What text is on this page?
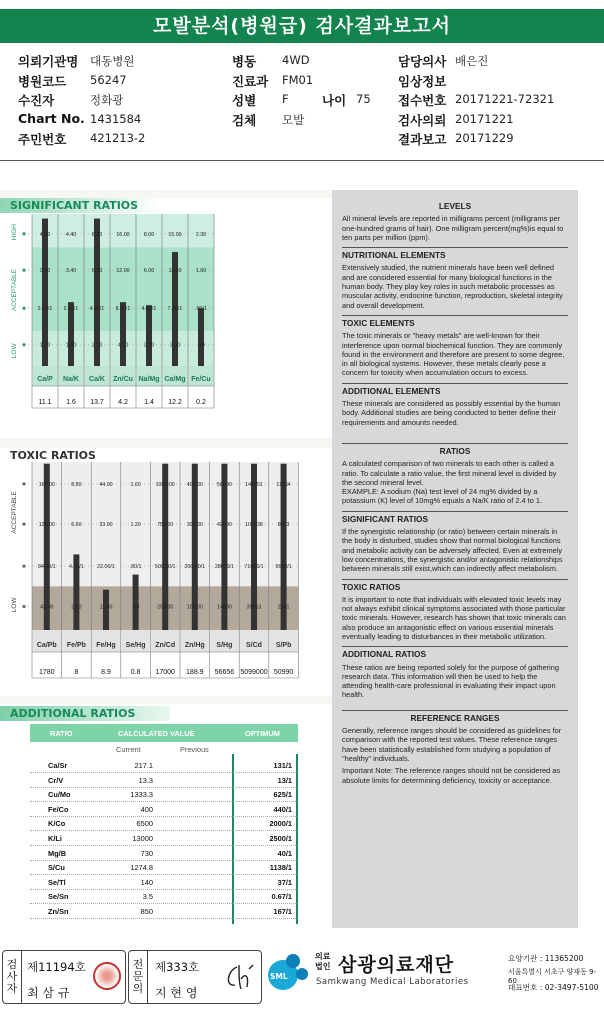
모발분석(병원급) 검사결과보고서
의뢰기관명 대동병원
병원코드 56247
수진자	정화광
Chart No. 1431584
주민번호 421213-2
병동 4WD
진료과 FM01
성별 F
검체 모발
담당의사 배은진
임상정보
접수번호 20171221-72321
검사의뢰 20171221
결과보고 20171229
나이 75
SIGNIFICANT RATIOS
HIGH
ACCEPTABLE
LOW
4.00
3.00
2.40/1
1.60
Ca/P
11.1
4.40
3.40
2.40/1
1.40
Na/K
1.6
8.20
6.20
4.20/1
2.20
Ca/K
13.7
16.00
12.00
8.00/1
4.00
Zn/Cu
4.2
8.00
6.00
4.00/1
2.00
Na/Mg
1.4
15.00
11.00
7.00/1
3.00
Ca/Mg
12.2
2.30
1.60
.90/1
.20
Fe/Cu
0.2
TOXIC RATIOS
ACCEPTABLE
LOW
168.00
126.00
84.00/1
42.00
Ca/Pb
1780
8.80
6.60
4.40/1
2.20
Fe/Pb
8
44.00
33.00
22.00/1
11.00
Fe/Hg
8.9
1.60
1.20
.80/1
.40
Se/Hg
0.8
1000.00
750.00
500.00/1
250.00
Zn/Cd
17000
400.00
300.00
200.00/1
100.00
Zn/Hg
188.9
56000
42000
28000/1
14000
S/Hg
56656
142051
106538
71026/1
35513
S/Cd
5099000
11364
8523
5682/1
2841
S/Pb
50990
ADDITIONAL RATIOS
RATIO	CALCULATED VALUE	OPTIMUM
Current	Previous
Ca/Sr	217.1	131/1
Cr/V	13.3	13/1
Cu/Mo	1333.3	625/1
Fe/Co	400	440/1
K/Co	6500	2000/1
K/Li	13000	2500/1
Mg/B	730	40/1
S/Cu	1274.8	1138/1
Se/Tl	140	37/1
Se/Sn	3.5	0.67/1
Zn/Sn	850	167/1
LEVELS

All mineral levels are reported in milligrams percent (milligrams per one-hundred grams of hair). One milligram percent(mg%)is equal to ten parts per million (ppm).

NUTRITIONAL ELEMENTS

Extensively studied, the nutrient minerals have been well defined and are considered essential for many biological functions in the human body. They play key roles in such metabolic processes as muscular activity, endocrine function, reproduction, skeletal integrity and overall development.

TOXIC ELEMENTS

The toxic minerals or "heavy metals" are well-known for their interference upon normal biochemical function. They are commonly found in the environment and therefore are present to some degree, in all biological systems. However, these metals clearly pose a concern for toxicity when accumulation occurs to excess.

ADDITIONAL ELEMENTS

These minerals are considered as possibly essential by the human body. Additional studies are being conducted to better define their requirements and amounts needed.

RATIOS

A calculated comparison of two minerals to each other is called a ratio. To calculate a ratio value, the first mineral level is divided by the second mineral level.

EXAMPLE: A sodium (Na) test level of 24 mg% divided by a potassium (K) level of 10mg% equals a Na/K ratio of 2.4 to 1.

SIGNIFICANT RATIOS

If the synergistic relationship (or ratio) between certain minerals in the body is disturbed, studies show that normal biological functions and metabolic activity can be adversely affected. Even at extremely low concentrations, the synergistic and/or antagonistic relationships between minerals still exist,which can indirectly affect metabolism.

TOXIC RATIOS

It is important to note that individuals with elevated toxic levels may not always exhibit clinical symptoms associated with those particular toxic minerals. However, research has shown that toxic minerals can also produce an antagonistic effect on various essential minerals eventually leading to disturbances in their metabolic utilization.

ADDITIONAL RATIOS

These ratios are being reported solely for the purpose of gathering research data. This information will then be used to help the attending health-care professional in evaluating their impact upon health.

REFERENCE RANGES

Generally, reference ranges should be considered as guidelines for comparison with the reported test values. These reference ranges have been statistically established form studying a population of "healthy" individuals.

Important Note: The reference ranges should not be considered as absolute limits for determining deficiency, toxicity or acceptance.

검사자
제11194호
최 삼 규
전문의
제333호
지 현 영
SML
의료
법인 삼광의료재단
Samkwang Medical Laboratories
요양기관 : 11365200
서울특별시 서초구 양재동 9-60
대표번호 : 02-3497-5100
